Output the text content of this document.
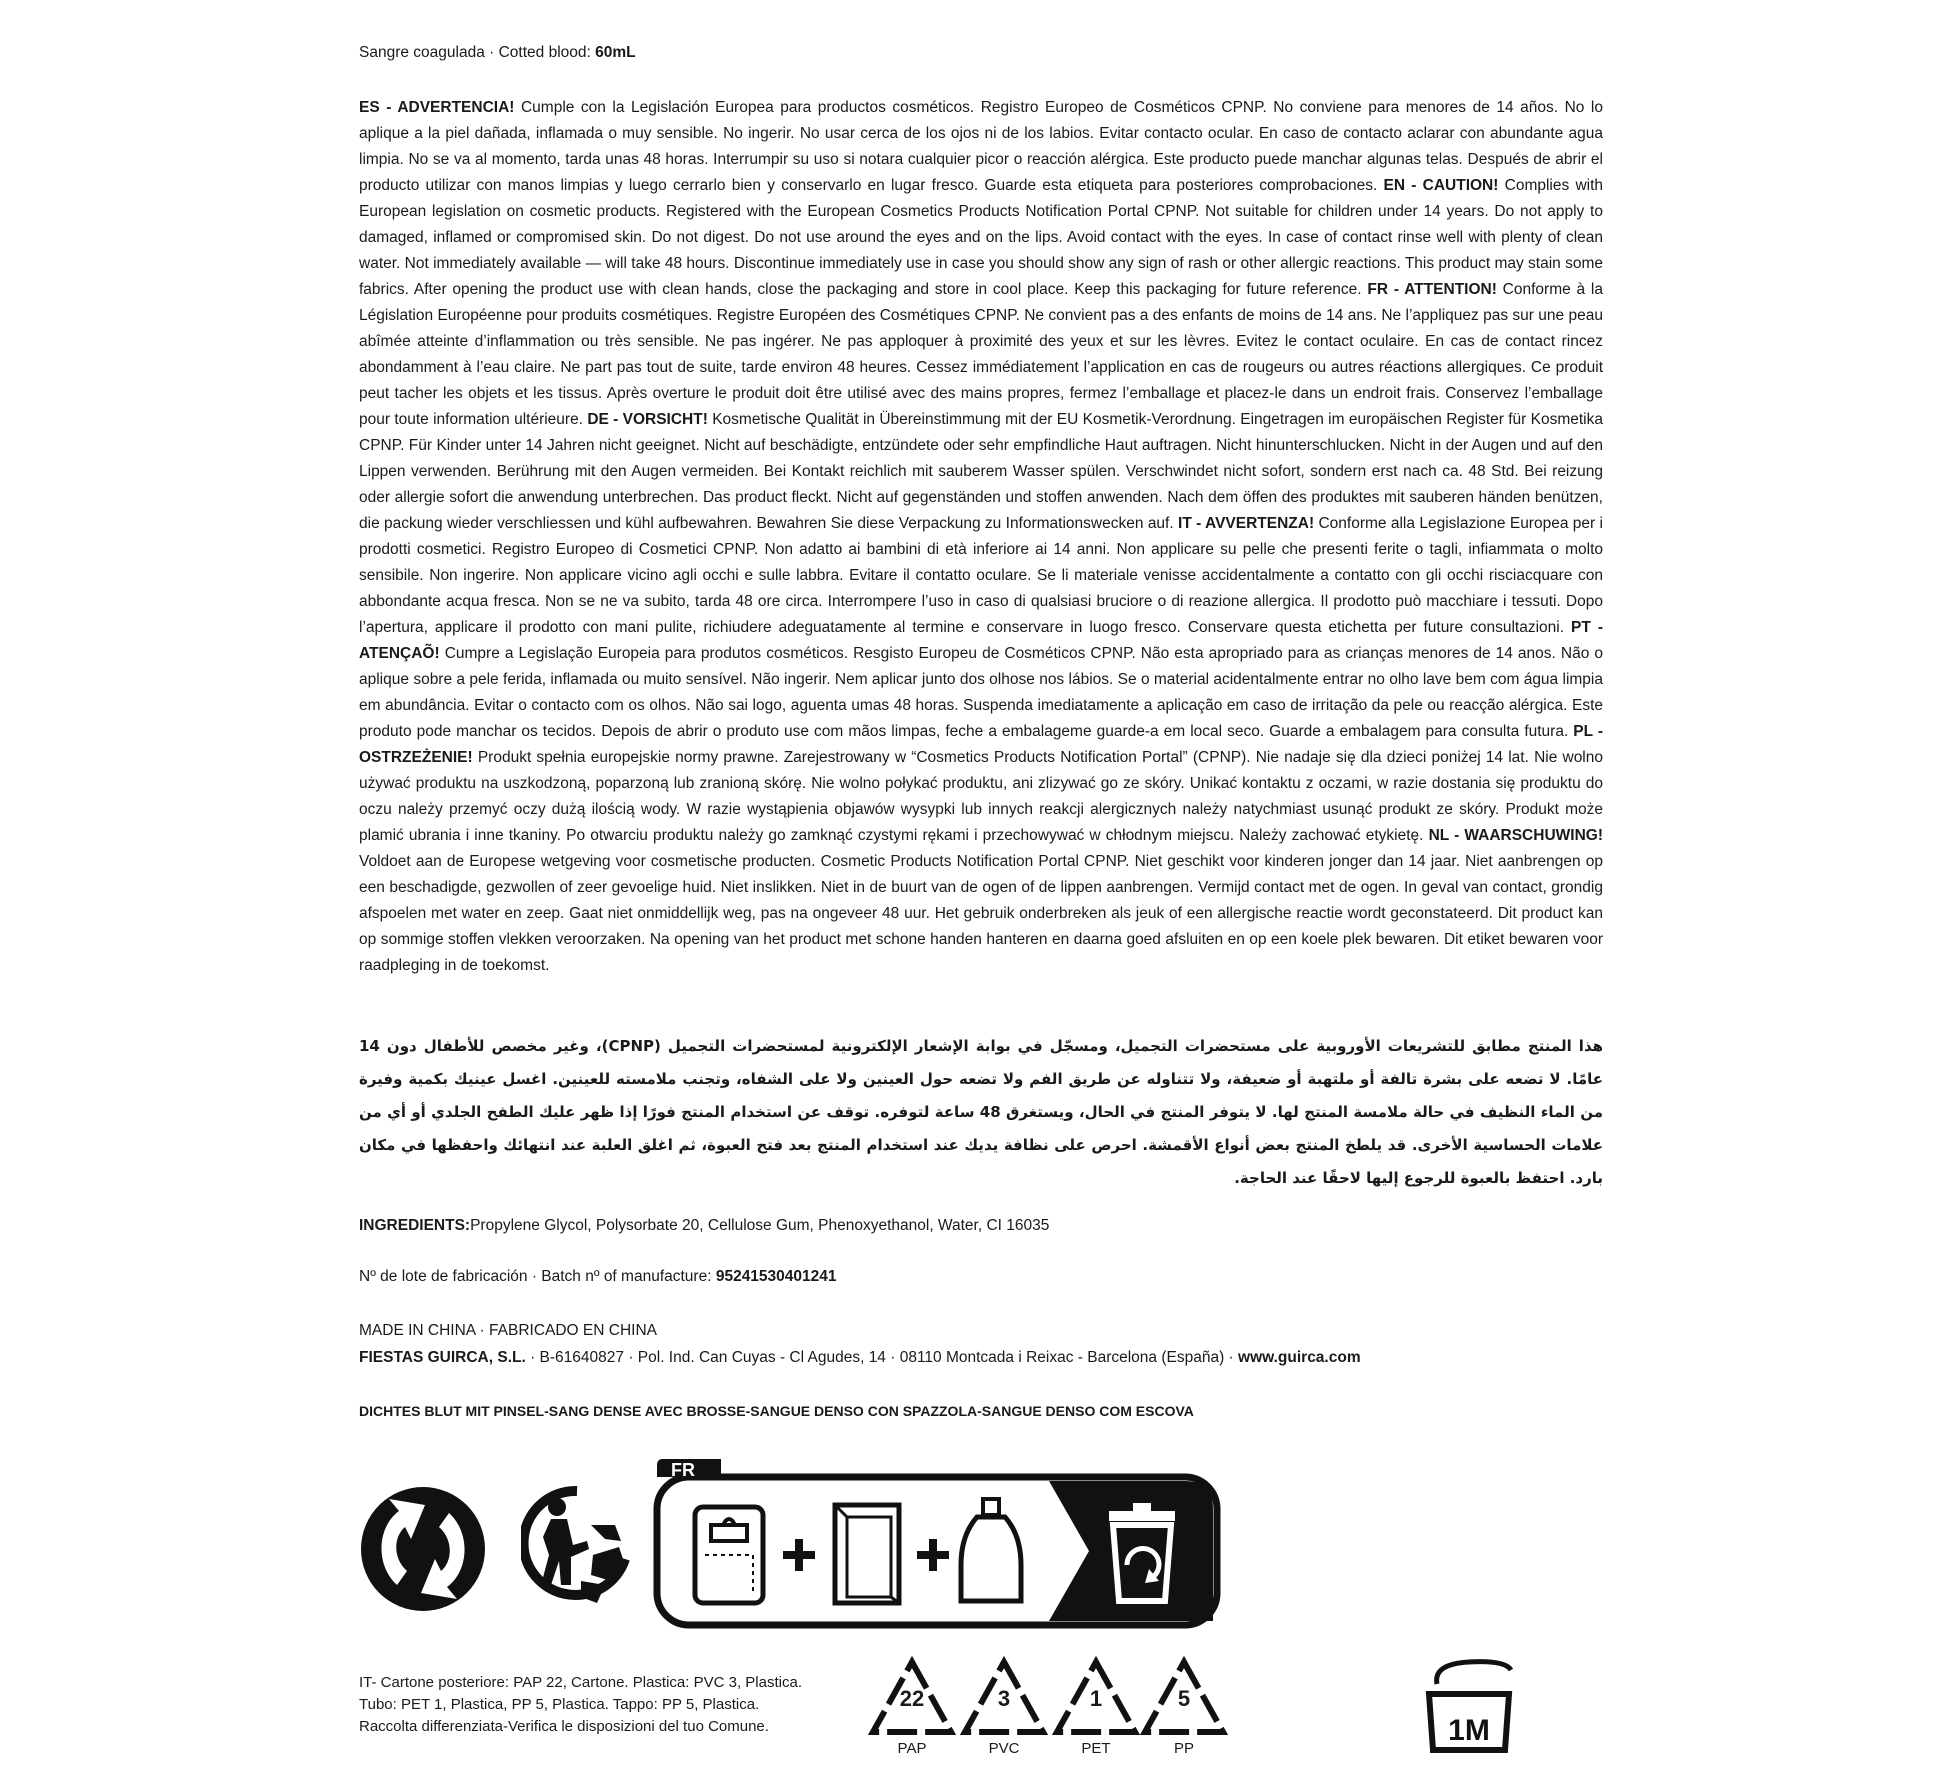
Sangre coagulada · Cotted blood: 60mL
ES - ADVERTENCIA! Cumple con la Legislación Europea para productos cosméticos. Registro Europeo de Cosméticos CPNP. No conviene para menores de 14 años. No lo aplique a la piel dañada, inflamada o muy sensible. No ingerir. No usar cerca de los ojos ni de los labios. Evitar contacto ocular. En caso de contacto aclarar con abundante agua limpia. No se va al momento, tarda unas 48 horas. Interrumpir su uso si notara cualquier picor o reacción alérgica. Este producto puede manchar algunas telas. Después de abrir el producto utilizar con manos limpias y luego cerrarlo bien y conservarlo en lugar fresco. Guarde esta etiqueta para posteriores comprobaciones. EN - CAUTION! Complies with European legislation on cosmetic products. Registered with the European Cosmetics Products Notification Portal CPNP. Not suitable for children under 14 years. Do not apply to damaged, inflamed or compromised skin. Do not digest. Do not use around the eyes and on the lips. Avoid contact with the eyes. In case of contact rinse well with plenty of clean water. Not immediately available — will take 48 hours. Discontinue immediately use in case you should show any sign of rash or other allergic reactions. This product may stain some fabrics. After opening the product use with clean hands, close the packaging and store in cool place. Keep this packaging for future reference. FR - ATTENTION! Conforme à la Législation Européenne pour produits cosmétiques. Registre Européen des Cosmétiques CPNP. Ne convient pas a des enfants de moins de 14 ans. Ne l’appliquez pas sur une peau abîmée atteinte d’inflammation ou très sensible. Ne pas ingérer. Ne pas apploquer à proximité des yeux et sur les lèvres. Evitez le contact oculaire. En cas de contact rincez abondamment à l’eau claire. Ne part pas tout de suite, tarde environ 48 heures. Cessez immédiatement l’application en cas de rougeurs ou autres réactions allergiques. Ce produit peut tacher les objets et les tissus. Après overture le produit doit être utilisé avec des mains propres, fermez l’emballage et placez-le dans un endroit frais. Conservez l’emballage pour toute information ultérieure. DE - VORSICHT! Kosmetische Qualität in Übereinstimmung mit der EU Kosmetik-Verordnung. Eingetragen im europäischen Register für Kosmetika CPNP. Für Kinder unter 14 Jahren nicht geeignet. Nicht auf beschädigte, entzündete oder sehr empfindliche Haut auftragen. Nicht hinunterschlucken. Nicht in der Augen und auf den Lippen verwenden. Berührung mit den Augen vermeiden. Bei Kontakt reichlich mit sauberem Wasser spülen. Verschwindet nicht sofort, sondern erst nach ca. 48 Std. Bei reizung oder allergie sofort die anwendung unterbrechen. Das product fleckt. Nicht auf gegenständen und stoffen anwenden. Nach dem öffen des produktes mit sauberen händen benützen, die packung wieder verschliessen und kühl aufbewahren. Bewahren Sie diese Verpackung zu Informationswecken auf. IT - AVVERTENZA! Conforme alla Legislazione Europea per i prodotti cosmetici. Registro Europeo di Cosmetici CPNP. Non adatto ai bambini di età inferiore ai 14 anni. Non applicare su pelle che presenti ferite o tagli, infiammata o molto sensibile. Non ingerire. Non applicare vicino agli occhi e sulle labbra. Evitare il contatto oculare. Se li materiale venisse accidentalmente a contatto con gli occhi risciacquare con abbondante acqua fresca. Non se ne va subito, tarda 48 ore circa. Interrompere l’uso in caso di qualsiasi bruciore o di reazione allergica. Il prodotto può macchiare i tessuti. Dopo l’apertura, applicare il prodotto con mani pulite, richiudere adeguatamente al termine e conservare in luogo fresco. Conservare questa etichetta per future consultazioni. PT - ATENÇAÕ! Cumpre a Legislação Europeia para produtos cosméticos. Resgisto Europeu de Cosméticos CPNP. Não esta apropriado para as crianças menores de 14 anos. Não o aplique sobre a pele ferida, inflamada ou muito sensível. Não ingerir. Nem aplicar junto dos olhose nos lábios. Se o material acidentalmente entrar no olho lave bem com água limpia em abundância. Evitar o contacto com os olhos. Não sai logo, aguenta umas 48 horas. Suspenda imediatamente a aplicação em caso de irritação da pele ou reacção alérgica. Este produto pode manchar os tecidos. Depois de abrir o produto use com mãos limpas, feche a embalageme guarde-a em local seco. Guarde a embalagem para consulta futura. PL - OSTRZEŻENIE! Produkt spełnia europejskie normy prawne. Zarejestrowany w “Cosmetics Products Notification Portal” (CPNP). Nie nadaje się dla dzieci poniżej 14 lat. Nie wolno używać produktu na uszkodzoną, poparzoną lub zranioną skórę. Nie wolno połykać produktu, ani zlizywać go ze skóry. Unikać kontaktu z oczami, w razie dostania się produktu do oczu należy przemyć oczy dużą ilością wody. W razie wystąpienia objawów wysypki lub innych reakcji alergicznych należy natychmiast usunąć produkt ze skóry. Produkt może plamić ubrania i inne tkaniny. Po otwarciu produktu należy go zamknąć czystymi rękami i przechowywać w chłodnym miejscu. Należy zachować etykietę. NL - WAARSCHUWING! Voldoet aan de Europese wetgeving voor cosmetische producten. Cosmetic Products Notification Portal CPNP. Niet geschikt voor kinderen jonger dan 14 jaar. Niet aanbrengen op een beschadigde, gezwollen of zeer gevoelige huid. Niet inslikken. Niet in de buurt van de ogen of de lippen aanbrengen. Vermijd contact met de ogen. In geval van contact, grondig afspoelen met water en zeep. Gaat niet onmiddellijk weg, pas na ongeveer 48 uur. Het gebruik onderbreken als jeuk of een allergische reactie wordt geconstateerd. Dit product kan op sommige stoffen vlekken veroorzaken. Na opening van het product met schone handen hanteren en daarna goed afsluiten en op een koele plek bewaren. Dit etiket bewaren voor raadpleging in de toekomst.
هذا المنتج مطابق للتشريعات الأوروبية على مستحضرات التجميل، ومسجّل في بوابة الإشعار الإلكترونية لمستحضرات التجميل (CPNP)، وغير مخصص للأطفال دون 14 عامًا. لا تضعه على بشرة تالفة أو ملتهبة أو ضعيفة، ولا تتناوله عن طريق الفم ولا تضعه حول العينين ولا على الشفاه، وتجنب ملامسته للعينين. اغسل عينيك بكمية وفيرة من الماء النظيف في حالة ملامسة المنتج لها. لا يتوفر المنتج في الحال، ويستغرق 48 ساعة لتوفره. توقف عن استخدام المنتج فورًا إذا ظهر عليك الطفح الجلدي أو أي من علامات الحساسية الأخرى. قد يلطخ المنتج بعض أنواع الأقمشة. احرص على نظافة يديك عند استخدام المنتج بعد فتح العبوة، ثم اغلق العلبة عند انتهائك واحفظها في مكان بارد. احتفظ بالعبوة للرجوع إليها لاحقًا عند الحاجة.
INGREDIENTS:Propylene Glycol, Polysorbate 20, Cellulose Gum, Phenoxyethanol, Water, CI 16035
Nº de lote de fabricación · Batch nº of manufacture: 95241530401241
MADE IN CHINA · FABRICADO EN CHINA
FIESTAS GUIRCA, S.L. · B-61640827 · Pol. Ind. Can Cuyas - Cl Agudes, 14 · 08110 Montcada i Reixac - Barcelona (España) · www.guirca.com
DICHTES BLUT MIT PINSEL-SANG DENSE AVEC BROSSE-SANGUE DENSO CON SPAZZOLA-SANGUE DENSO COM ESCOVA
FR
IT- Cartone posteriore: PAP 22, Cartone. Plastica: PVC 3, Plastica.
Tubo: PET 1, Plastica, PP 5, Plastica. Tappo: PP 5, Plastica.
Raccolta differenziata-Verifica le disposizioni del tuo Comune.
22
PAP
3
PVC
1
PET
5
PP
1M
